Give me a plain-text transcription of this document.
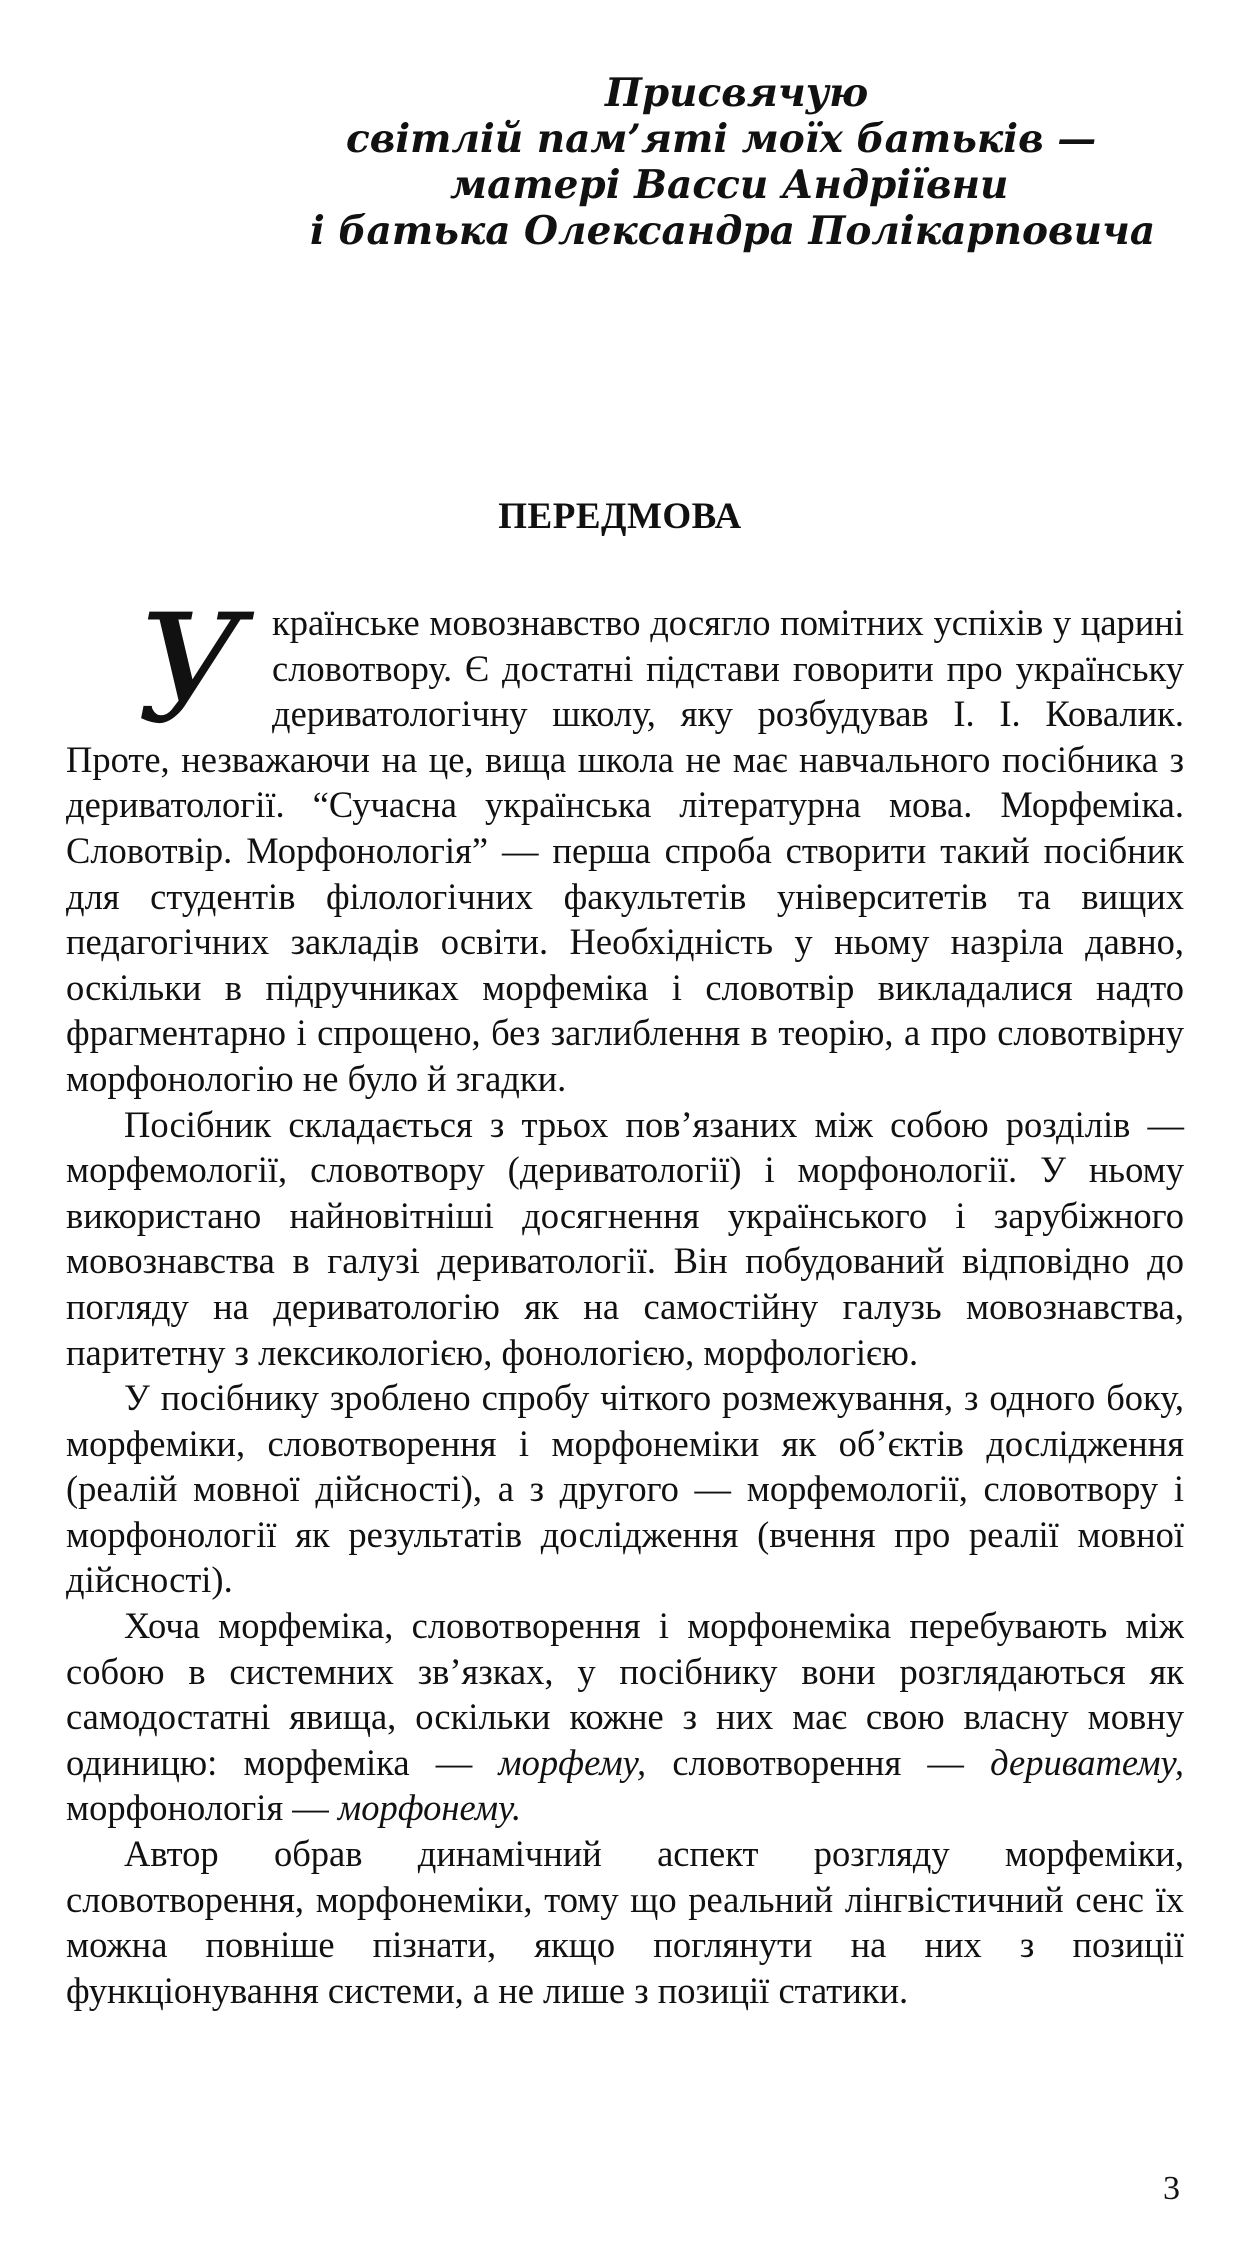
Присвячую
світлій пам’яті моїх батьків —
матері Васси Андріївни
і батька Олександра Полікарповича
ПЕРЕДМОВА

Українське мовознавство досягло помітних успіхів у царині словотвору. Є достатні підстави говорити про українську дериватологічну школу, яку розбудував І. І. Ковалик. Проте, незважаючи на це, вища школа не має навчального посібника з дериватології. “Сучасна українська літературна мова. Морфеміка. Словотвір. Морфонологія” — перша спроба створити такий посібник для студентів філологічних факультетів університетів та вищих педагогічних закладів освіти. Необхідність у ньому назріла давно, оскільки в підручниках морфеміка і словотвір викладалися надто фрагментарно і спрощено, без заглиблення в теорію, а про словотвірну морфонологію не було й згадки.

Посібник складається з трьох пов’язаних між собою розділів — морфемології, словотвору (дериватології) і морфонології. У ньому використано найновітніші досягнення українського і зарубіжного мовознавства в галузі дериватології. Він побудований відповідно до погляду на дериватологію як на самостійну галузь мовознавства, паритетну з лексикологією, фонологією, морфологією.

У посібнику зроблено спробу чіткого розмежування, з одного боку, морфеміки, словотворення і морфонеміки як об’єктів дослідження (реалій мовної дійсності), а з другого — морфемології, словотвору і морфонології як результатів дослідження (вчення про реалії мовної дійсності).

Хоча морфеміка, словотворення і морфонеміка перебувають між собою в системних зв’язках, у посібнику вони розглядаються як самодостатні явища, оскільки кожне з них має свою власну мовну одиницю: морфеміка — морфему, словотворення — дериватему, морфонологія — морфонему.

Автор обрав динамічний аспект розгляду морфеміки, словотворення, морфонеміки, тому що реальний лінгвістичний сенс їх можна повніше пізнати, якщо поглянути на них з позиції функціонування системи, а не лише з позиції статики.

3
